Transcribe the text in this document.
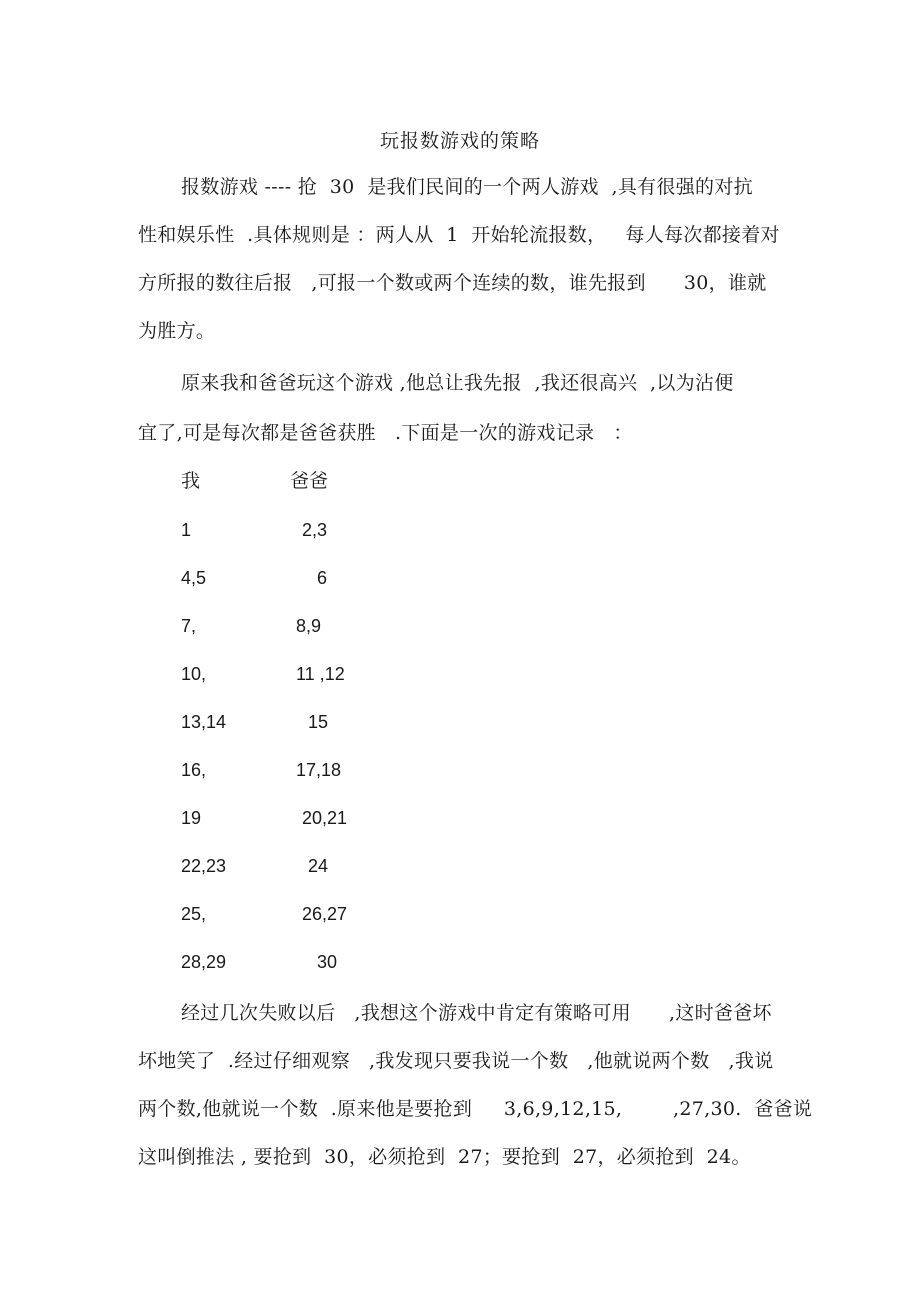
玩报数游戏的策略
报数游戏 ---- 抢  30  是我们民间的一个两人游戏  ,具有很强的对抗
性和娱乐性  .具体规则是 ：两人从  1  开始轮流报数，   每人每次都接着对
方所报的数往后报   ,可报一个数或两个连续的数，谁先报到      30，谁就
为胜方。
原来我和爸爸玩这个游戏 ,他总让我先报  ,我还很高兴  ,以为沾便
宜了,可是每次都是爸爸获胜   .下面是一次的游戏记录   ：
我	爸爸
1	2,3
4,5	6
7,	8,9
10,	11 ,12
13,14	15
16,	17,18
19	20,21
22,23	24
25,	26,27
28,29	30
经过几次失败以后   ,我想这个游戏中肯定有策略可用      ,这时爸爸坏
坏地笑了  .经过仔细观察   ,我发现只要我说一个数   ,他就说两个数   ,我说
两个数,他就说一个数  .原来他是要抢到     3,6,9,12,15,        ,27,30.  爸爸说
这叫倒推法 , 要抢到  30，必须抢到  27；要抢到  27，必须抢到  24。
